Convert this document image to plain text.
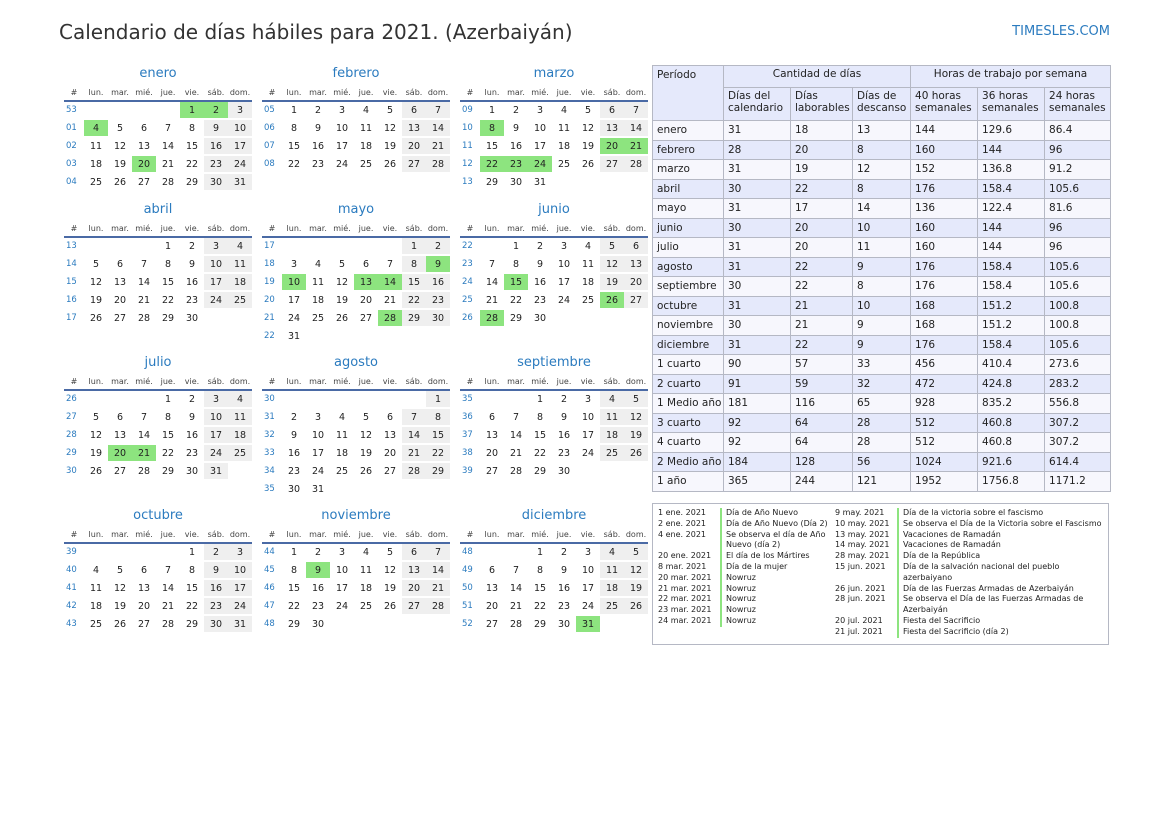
Calendario de días hábiles para 2021. (Azerbaiyán)	TIMESLES.COM
enero
#	lun.	mar.	mié.	jue.	vie.	sáb.	dom.
53					1	2	3
01	4	5	6	7	8	9	10
02	11	12	13	14	15	16	17
03	18	19	20	21	22	23	24
04	25	26	27	28	29	30	31
febrero
#	lun.	mar.	mié.	jue.	vie.	sáb.	dom.
05	1	2	3	4	5	6	7
06	8	9	10	11	12	13	14
07	15	16	17	18	19	20	21
08	22	23	24	25	26	27	28
marzo
#	lun.	mar.	mié.	jue.	vie.	sáb.	dom.
09	1	2	3	4	5	6	7
10	8	9	10	11	12	13	14
11	15	16	17	18	19	20	21
12	22	23	24	25	26	27	28
13	29	30	31				
abril
#	lun.	mar.	mié.	jue.	vie.	sáb.	dom.
13				1	2	3	4
14	5	6	7	8	9	10	11
15	12	13	14	15	16	17	18
16	19	20	21	22	23	24	25
17	26	27	28	29	30		
mayo
#	lun.	mar.	mié.	jue.	vie.	sáb.	dom.
17						1	2
18	3	4	5	6	7	8	9
19	10	11	12	13	14	15	16
20	17	18	19	20	21	22	23
21	24	25	26	27	28	29	30
22	31						
junio
#	lun.	mar.	mié.	jue.	vie.	sáb.	dom.
22		1	2	3	4	5	6
23	7	8	9	10	11	12	13
24	14	15	16	17	18	19	20
25	21	22	23	24	25	26	27
26	28	29	30				
julio
#	lun.	mar.	mié.	jue.	vie.	sáb.	dom.
26				1	2	3	4
27	5	6	7	8	9	10	11
28	12	13	14	15	16	17	18
29	19	20	21	22	23	24	25
30	26	27	28	29	30	31	
agosto
#	lun.	mar.	mié.	jue.	vie.	sáb.	dom.
30							1
31	2	3	4	5	6	7	8
32	9	10	11	12	13	14	15
33	16	17	18	19	20	21	22
34	23	24	25	26	27	28	29
35	30	31					
septiembre
#	lun.	mar.	mié.	jue.	vie.	sáb.	dom.
35			1	2	3	4	5
36	6	7	8	9	10	11	12
37	13	14	15	16	17	18	19
38	20	21	22	23	24	25	26
39	27	28	29	30			
octubre
#	lun.	mar.	mié.	jue.	vie.	sáb.	dom.
39					1	2	3
40	4	5	6	7	8	9	10
41	11	12	13	14	15	16	17
42	18	19	20	21	22	23	24
43	25	26	27	28	29	30	31
noviembre
#	lun.	mar.	mié.	jue.	vie.	sáb.	dom.
44	1	2	3	4	5	6	7
45	8	9	10	11	12	13	14
46	15	16	17	18	19	20	21
47	22	23	24	25	26	27	28
48	29	30					
diciembre
#	lun.	mar.	mié.	jue.	vie.	sáb.	dom.
48			1	2	3	4	5
49	6	7	8	9	10	11	12
50	13	14	15	16	17	18	19
51	20	21	22	23	24	25	26
52	27	28	29	30	31		
Período	Cantidad de días			Horas de trabajo por semana		
	Días del calendario	Días laborables	Días de descanso	40 horas semanales	36 horas semanales	24 horas semanales
enero	31	18	13	144	129.6	86.4
febrero	28	20	8	160	144	96
marzo	31	19	12	152	136.8	91.2
abril	30	22	8	176	158.4	105.6
mayo	31	17	14	136	122.4	81.6
junio	30	20	10	160	144	96
julio	31	20	11	160	144	96
agosto	31	22	9	176	158.4	105.6
septiembre	30	22	8	176	158.4	105.6
octubre	31	21	10	168	151.2	100.8
noviembre	30	21	9	168	151.2	100.8
diciembre	31	22	9	176	158.4	105.6
1 cuarto	90	57	33	456	410.4	273.6
2 cuarto	91	59	32	472	424.8	283.2
1 Medio año	181	116	65	928	835.2	556.8
3 cuarto	92	64	28	512	460.8	307.2
4 cuarto	92	64	28	512	460.8	307.2
2 Medio año	184	128	56	1024	921.6	614.4
1 año	365	244	121	1952	1756.8	1171.2
1 ene. 2021	Día de Año Nuevo
2 ene. 2021	Día de Año Nuevo (Día 2)
4 ene. 2021	Se observa el día de Año Nuevo (día 2)
20 ene. 2021	El día de los Mártires
8 mar. 2021	Día de la mujer
20 mar. 2021	Nowruz
21 mar. 2021	Nowruz
22 mar. 2021	Nowruz
23 mar. 2021	Nowruz
24 mar. 2021	Nowruz
9 may. 2021	Día de la victoria sobre el fascismo
10 may. 2021	Se observa el Día de la Victoria sobre el Fascismo
13 may. 2021	Vacaciones de Ramadán
14 may. 2021	Vacaciones de Ramadán
28 may. 2021	Día de la República
15 jun. 2021	Día de la salvación nacional del pueblo azerbaiyano
26 jun. 2021	Día de las Fuerzas Armadas de Azerbaiyán
28 jun. 2021	Se observa el Día de las Fuerzas Armadas de Azerbaiyán
20 jul. 2021	Fiesta del Sacrificio
21 jul. 2021	Fiesta del Sacrificio (día 2)
